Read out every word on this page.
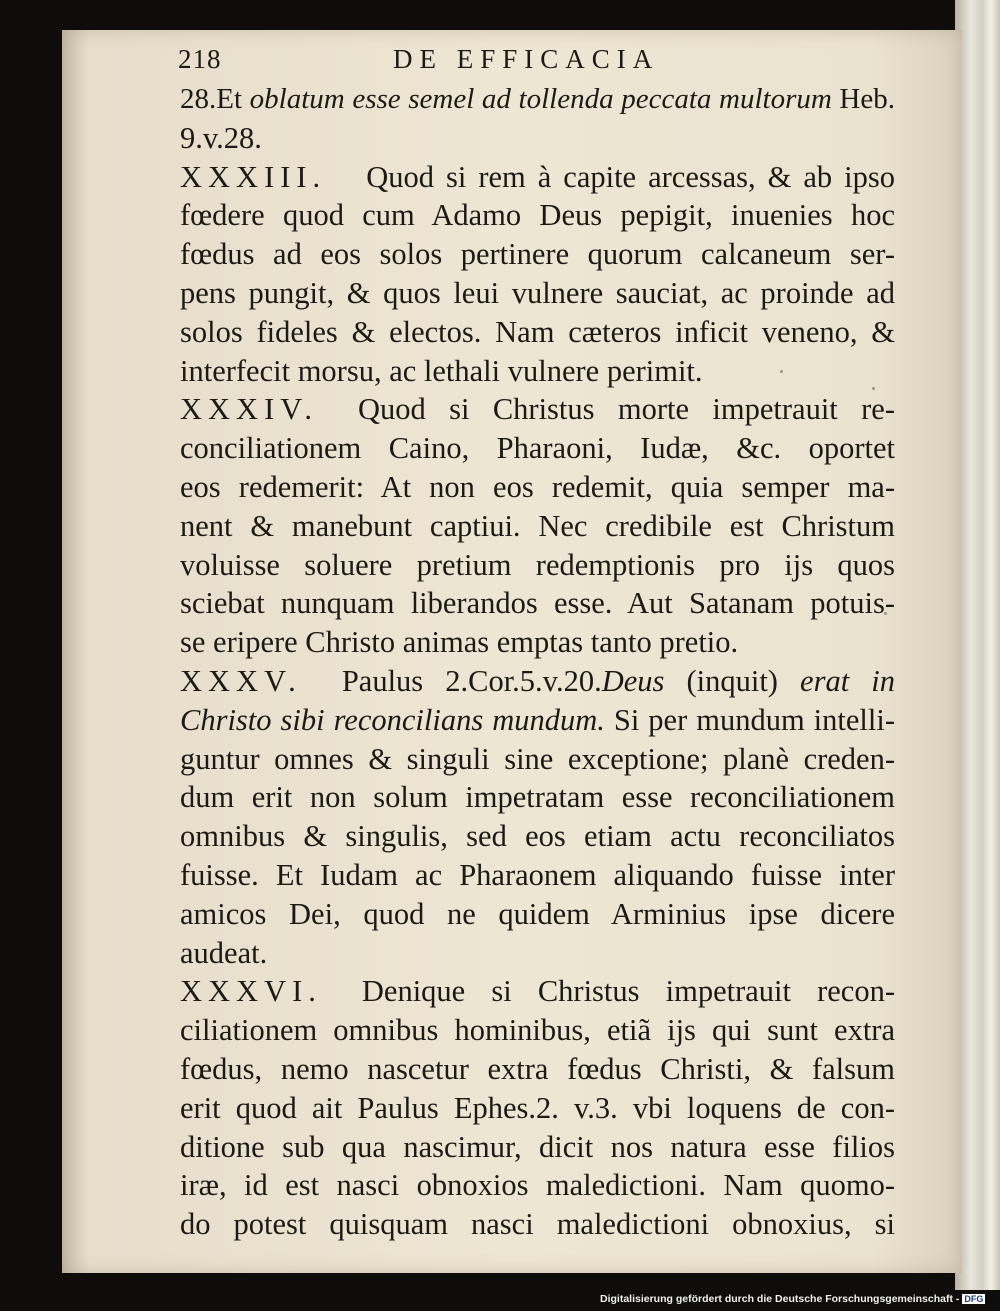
218	DE EFFICACIA
28.Et oblatum esse semel ad tollenda peccata multorum Heb.
9.v.28.
XXXIII. Quod si rem à capite arcessas, & ab ipso
fœdere quod cum Adamo Deus pepigit, inuenies hoc
fœdus ad eos solos pertinere quorum calcaneum ser-
pens pungit, & quos leui vulnere sauciat, ac proinde ad
solos fideles & electos. Nam cæteros inficit veneno, &
interfecit morsu, ac lethali vulnere perimit.
XXXIV. Quod si Christus morte impetrauit re-
conciliationem Caino, Pharaoni, Iudæ, &c. oportet
eos redemerit: At non eos redemit, quia semper ma-
nent & manebunt captiui. Nec credibile est Christum
voluisse soluere pretium redemptionis pro ijs quos
sciebat nunquam liberandos esse. Aut Satanam potuis-
se eripere Christo animas emptas tanto pretio.
XXXV. Paulus 2.Cor.5.v.20.Deus (inquit) erat in
Christo sibi reconcilians mundum. Si per mundum intelli-
guntur omnes & singuli sine exceptione; planè creden-
dum erit non solum impetratam esse reconciliationem
omnibus & singulis, sed eos etiam actu reconciliatos
fuisse. Et Iudam ac Pharaonem aliquando fuisse inter
amicos Dei, quod ne quidem Arminius ipse dicere
audeat.
XXXVI. Denique si Christus impetrauit recon-
ciliationem omnibus hominibus, etiã ijs qui sunt extra
fœdus, nemo nascetur extra fœdus Christi, & falsum
erit quod ait Paulus Ephes.2. v.3. vbi loquens de con-
ditione sub qua nascimur, dicit nos natura esse filios
iræ, id est nasci obnoxios maledictioni. Nam quomo-
do potest quisquam nasci maledictioni obnoxius, si
Digitalisierung gefördert durch die Deutsche Forschungsgemeinschaft - DFG
